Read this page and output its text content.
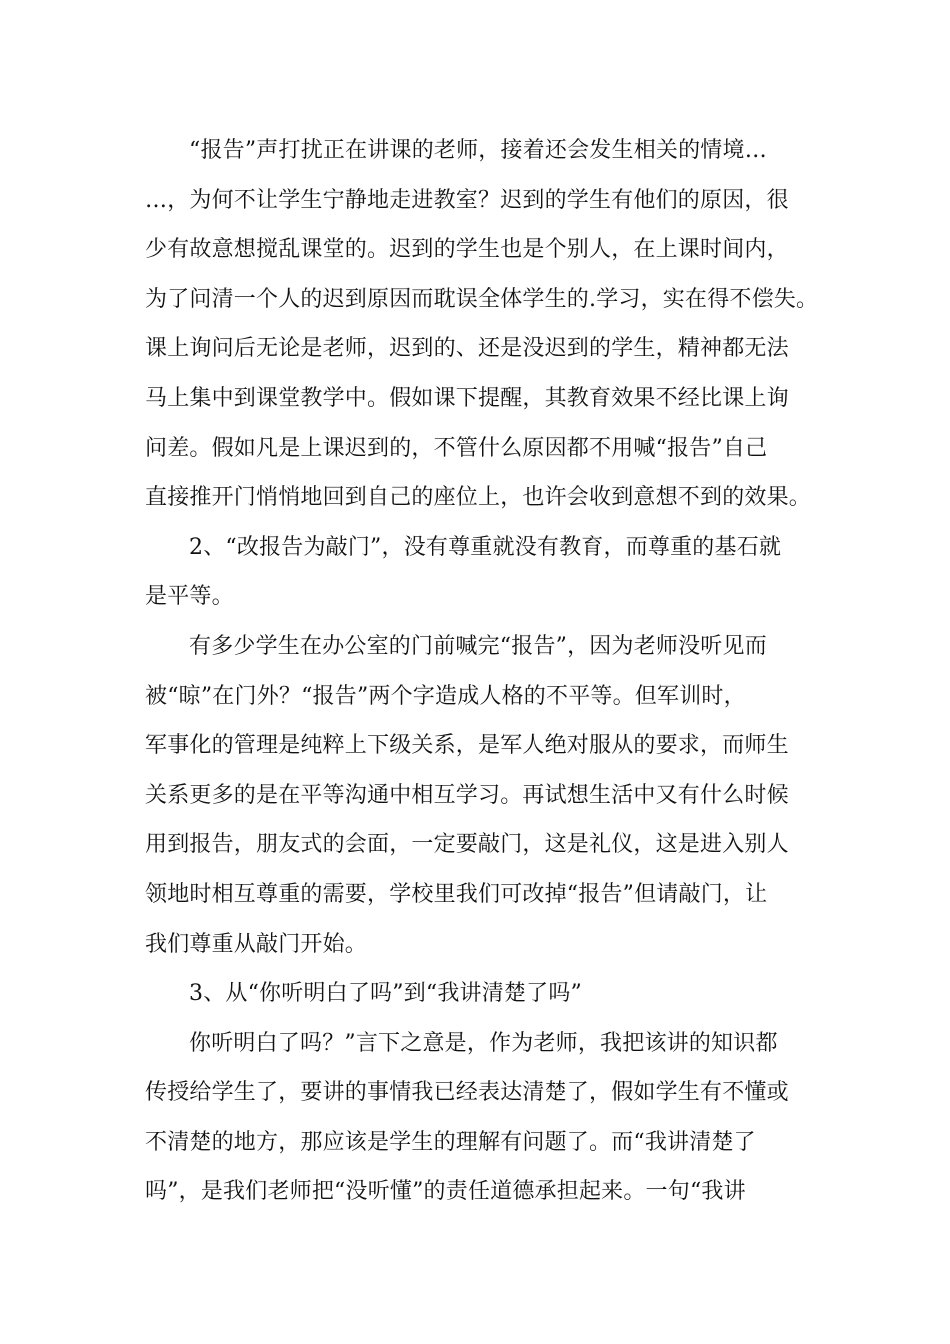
“报告”声打扰正在讲课的老师，接着还会发生相关的情境…
…，为何不让学生宁静地走进教室？迟到的学生有他们的原因，很
少有故意想搅乱课堂的。迟到的学生也是个别人，在上课时间内，
为了问清一个人的迟到原因而耽误全体学生的.学习，实在得不偿失。
课上询问后无论是老师，迟到的、还是没迟到的学生，精神都无法
马上集中到课堂教学中。假如课下提醒，其教育效果不经比课上询
问差。假如凡是上课迟到的，不管什么原因都不用喊“报告”自己
直接推开门悄悄地回到自己的座位上，也许会收到意想不到的效果。
2、“改报告为敲门”，没有尊重就没有教育，而尊重的基石就
是平等。
有多少学生在办公室的门前喊完“报告”，因为老师没听见而
被“晾”在门外？“报告”两个字造成人格的不平等。但军训时，
军事化的管理是纯粹上下级关系，是军人绝对服从的要求，而师生
关系更多的是在平等沟通中相互学习。再试想生活中又有什么时候
用到报告，朋友式的会面，一定要敲门，这是礼仪，这是进入别人
领地时相互尊重的需要，学校里我们可改掉“报告”但请敲门，让
我们尊重从敲门开始。
3、从“你听明白了吗”到“我讲清楚了吗”
你听明白了吗？”言下之意是，作为老师，我把该讲的知识都
传授给学生了，要讲的事情我已经表达清楚了，假如学生有不懂或
不清楚的地方，那应该是学生的理解有问题了。而“我讲清楚了
吗”，是我们老师把“没听懂”的责任道德承担起来。一句“我讲
